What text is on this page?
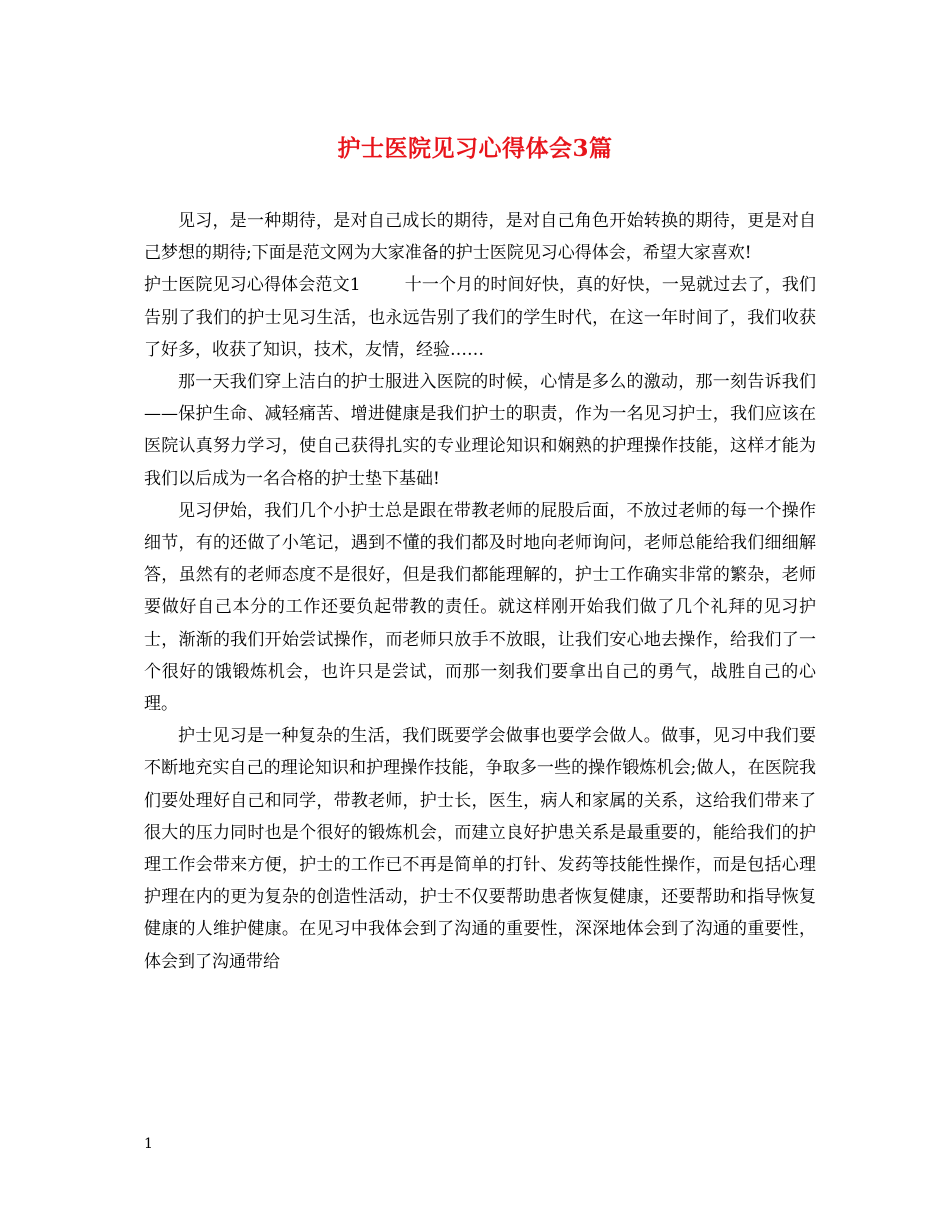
护士医院见习心得体会3篇

见习，是一种期待，是对自己成长的期待，是对自己角色开始转换的期待，更是对自己梦想的期待;下面是范文网为大家准备的护士医院见习心得体会，希望大家喜欢!

护士医院见习心得体会范文1	十一个月的时间好快，真的好快，一晃就过去了，我们告别了我们的护士见习生活，也永远告别了我们的学生时代，在这一年时间了，我们收获了好多，收获了知识，技术，友情，经验……

那一天我们穿上洁白的护士服进入医院的时候，心情是多么的激动，那一刻告诉我们——保护生命、减轻痛苦、增进健康是我们护士的职责，作为一名见习护士，我们应该在医院认真努力学习，使自己获得扎实的专业理论知识和娴熟的护理操作技能，这样才能为我们以后成为一名合格的护士垫下基础!

见习伊始，我们几个小护士总是跟在带教老师的屁股后面，不放过老师的每一个操作细节，有的还做了小笔记，遇到不懂的我们都及时地向老师询问，老师总能给我们细细解答，虽然有的老师态度不是很好，但是我们都能理解的，护士工作确实非常的繁杂，老师要做好自己本分的工作还要负起带教的责任。就这样刚开始我们做了几个礼拜的见习护士，渐渐的我们开始尝试操作，而老师只放手不放眼，让我们安心地去操作，给我们了一个很好的饿锻炼机会，也许只是尝试，而那一刻我们要拿出自己的勇气，战胜自己的心理。

护士见习是一种复杂的生活，我们既要学会做事也要学会做人。做事，见习中我们要不断地充实自己的理论知识和护理操作技能，争取多一些的操作锻炼机会;做人，在医院我们要处理好自己和同学，带教老师，护士长，医生，病人和家属的关系，这给我们带来了很大的压力同时也是个很好的锻炼机会，而建立良好护患关系是最重要的，能给我们的护理工作会带来方便，护士的工作已不再是简单的打针、发药等技能性操作，而是包括心理护理在内的更为复杂的创造性活动，护士不仅要帮助患者恢复健康，还要帮助和指导恢复健康的人维护健康。在见习中我体会到了沟通的重要性，深深地体会到了沟通的重要性，体会到了沟通带给

1
